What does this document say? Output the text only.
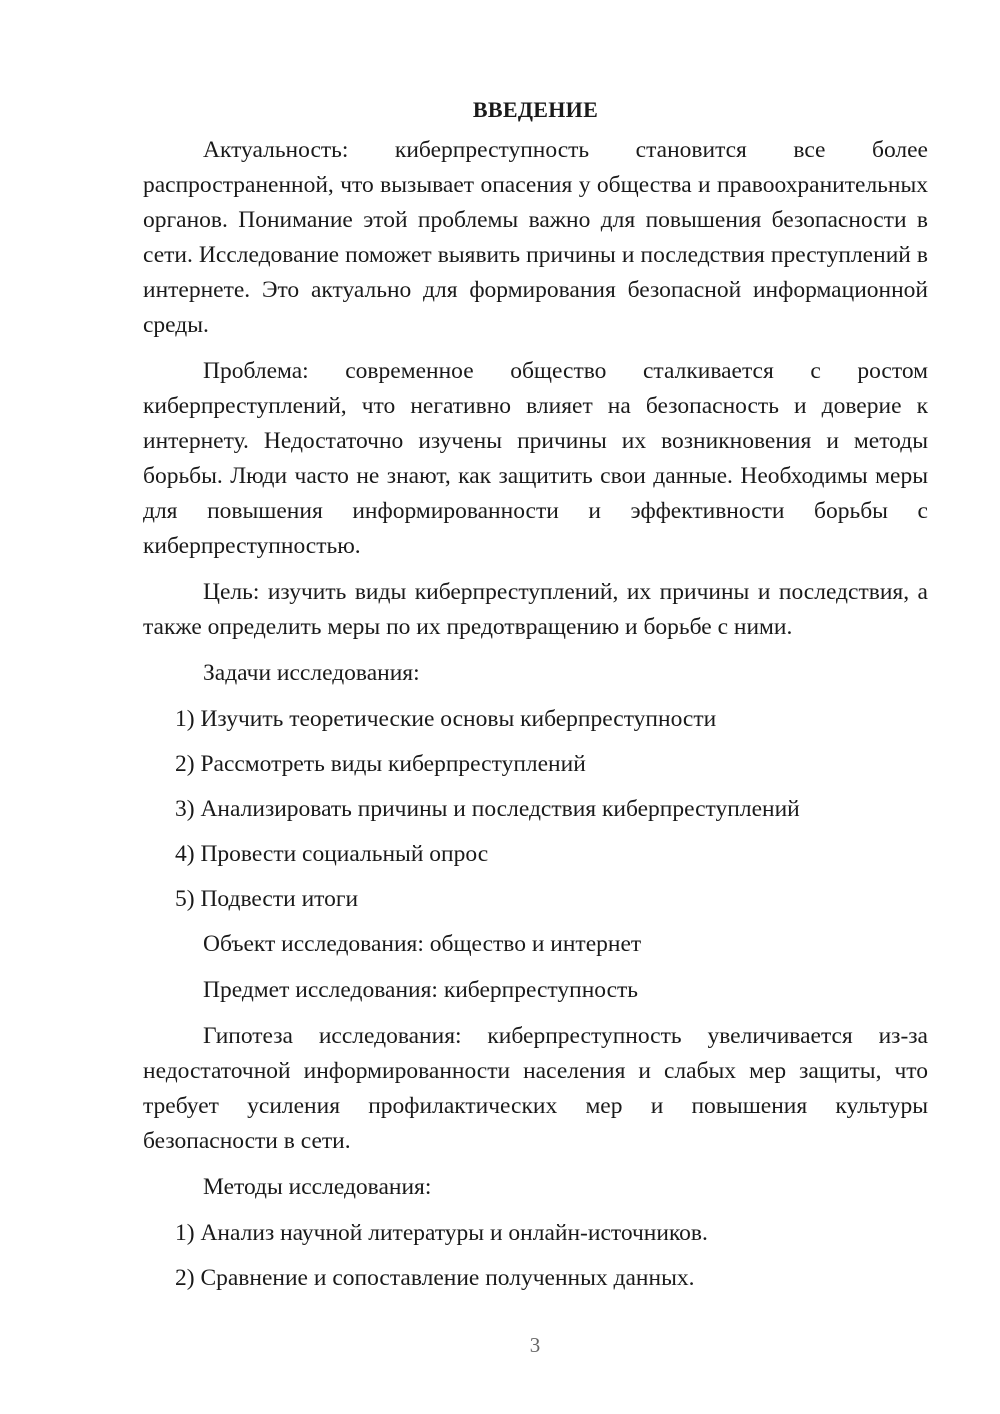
ВВЕДЕНИЕ

Актуальность: киберпреступность становится все более распространенной, что вызывает опасения у общества и правоохранительных органов. Понимание этой проблемы важно для повышения безопасности в сети. Исследование поможет выявить причины и последствия преступлений в интернете. Это актуально для формирования безопасной информационной среды.

Проблема: современное общество сталкивается с ростом киберпреступлений, что негативно влияет на безопасность и доверие к интернету. Недостаточно изучены причины их возникновения и методы борьбы. Люди часто не знают, как защитить свои данные. Необходимы меры для повышения информированности и эффективности борьбы с киберпреступностью.

Цель: изучить виды киберпреступлений, их причины и последствия, а также определить меры по их предотвращению и борьбе с ними.

Задачи исследования:

1) Изучить теоретические основы киберпреступности
2) Рассмотреть виды киберпреступлений
3) Анализировать причины и последствия киберпреступлений
4) Провести социальный опрос
5) Подвести итоги

Объект исследования: общество и интернет

Предмет исследования: киберпреступность

Гипотеза исследования: киберпреступность увеличивается из-за недостаточной информированности населения и слабых мер защиты, что требует усиления профилактических мер и повышения культуры безопасности в сети.

Методы исследования:

1) Анализ научной литературы и онлайн-источников.
2) Сравнение и сопоставление полученных данных.
3
